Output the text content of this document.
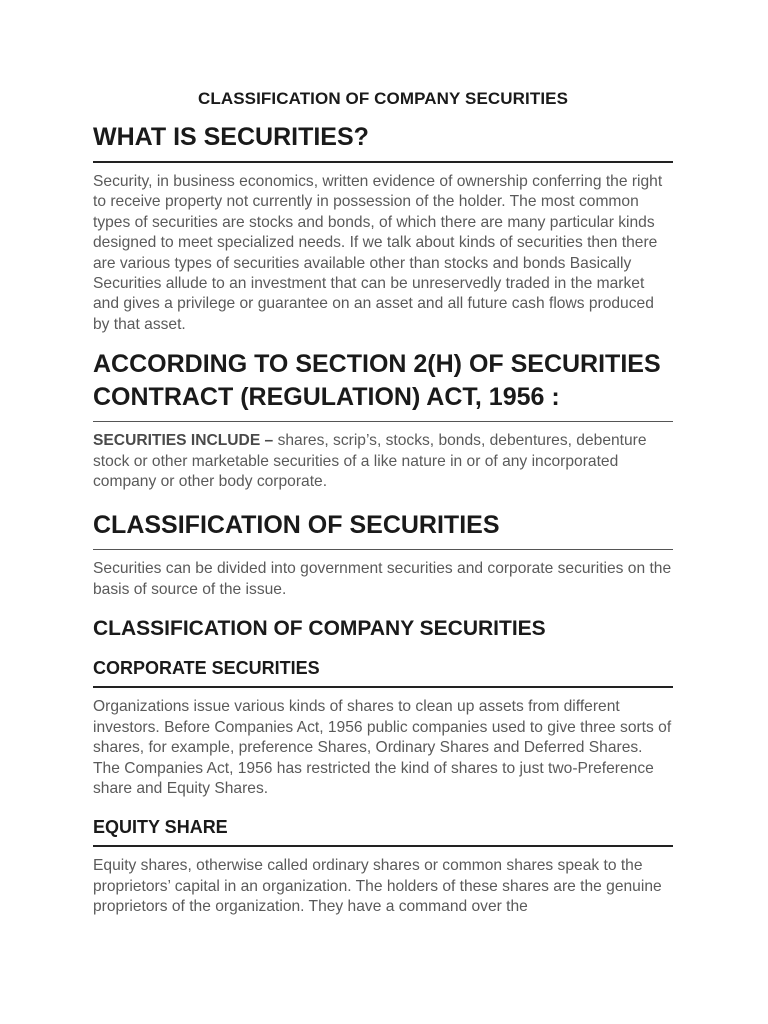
CLASSIFICATION OF COMPANY SECURITIES
WHAT IS SECURITIES?

Security, in business economics, written evidence of ownership conferring the right to receive property not currently in possession of the holder. The most common types of securities are stocks and bonds, of which there are many particular kinds designed to meet specialized needs. If we talk about kinds of securities then there are various types of securities available other than stocks and bonds Basically Securities allude to an investment that can be unreservedly traded in the market and gives a privilege or guarantee on an asset and all future cash flows produced by that asset.

ACCORDING TO SECTION 2(H) OF SECURITIES CONTRACT (REGULATION) ACT, 1956 :

SECURITIES INCLUDE – shares, scrip’s, stocks, bonds, debentures, debenture stock or other marketable securities of a like nature in or of any incorporated company or other body corporate.

CLASSIFICATION OF SECURITIES

Securities can be divided into government securities and corporate securities on the basis of source of the issue.

CLASSIFICATION OF COMPANY SECURITIES
CORPORATE SECURITIES

Organizations issue various kinds of shares to clean up assets from different investors. Before Companies Act, 1956 public companies used to give three sorts of shares, for example, preference Shares, Ordinary Shares and Deferred Shares. The Companies Act, 1956 has restricted the kind of shares to just two-Preference share and Equity Shares.

EQUITY SHARE

Equity shares, otherwise called ordinary shares or common shares speak to the proprietors’ capital in an organization. The holders of these shares are the genuine proprietors of the organization. They have a command over the
